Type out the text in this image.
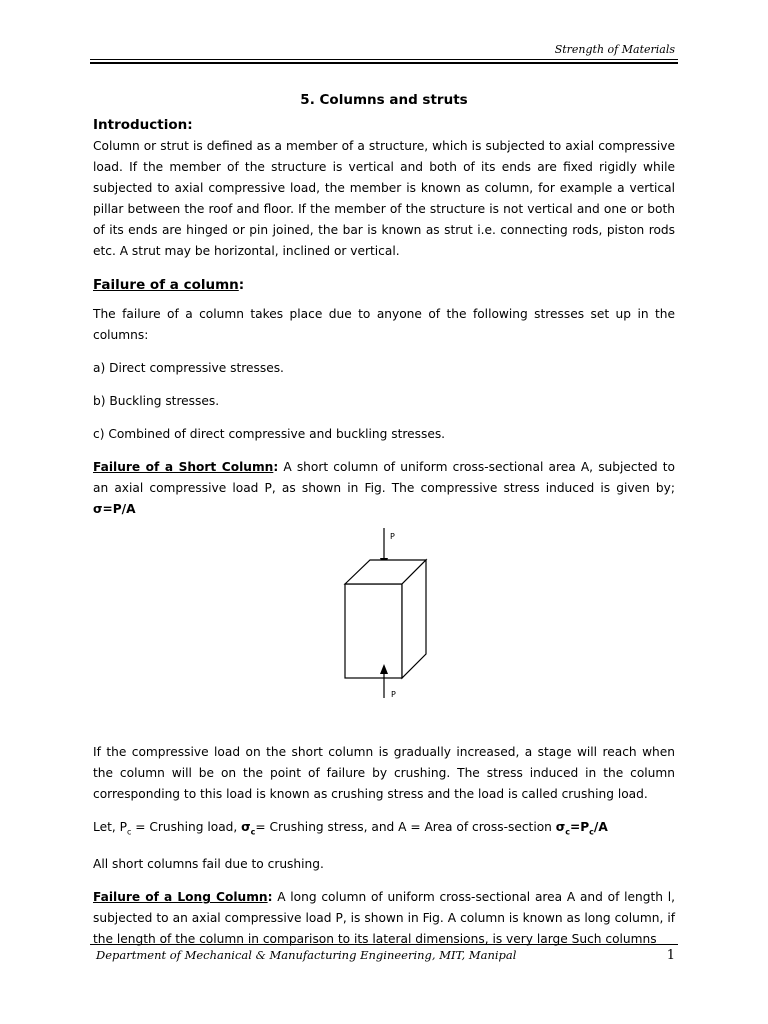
Strength of Materials
5. Columns and struts
Introduction:

Column or strut is defined as a member of a structure, which is subjected to axial compressive load. If the member of the structure is vertical and both of its ends are fixed rigidly while subjected to axial compressive load, the member is known as column, for example a vertical pillar between the roof and floor. If the member of the structure is not vertical and one or both of its ends are hinged or pin joined, the bar is known as strut i.e. connecting rods, piston rods etc. A strut may be horizontal, inclined or vertical.

Failure of a column:

The failure of a column takes place due to anyone of the following stresses set up in the columns:

a) Direct compressive stresses.

b) Buckling stresses.

c) Combined of direct compressive and buckling stresses.

Failure of a Short Column: A short column of uniform cross-sectional area A, subjected to an axial compressive load P, as shown in Fig. The compressive stress induced is given by; σ=P/A

P
P

If the compressive load on the short column is gradually increased, a stage will reach when the column will be on the point of failure by crushing. The stress induced in the column corresponding to this load is known as crushing stress and the load is called crushing load.

Let, $P_c$ = Crushing load, $\sigma_c=$ Crushing stress, and A = Area of cross-section $\sigma_c=P_c/A$

All short columns fail due to crushing.

Failure of a Long Column: A long column of uniform cross-sectional area A and of length l, subjected to an axial compressive load P, is shown in Fig. A column is known as long column, if the length of the column in comparison to its lateral dimensions, is very large Such columns

Department of Mechanical & Manufacturing Engineering, MIT, Manipal	1
